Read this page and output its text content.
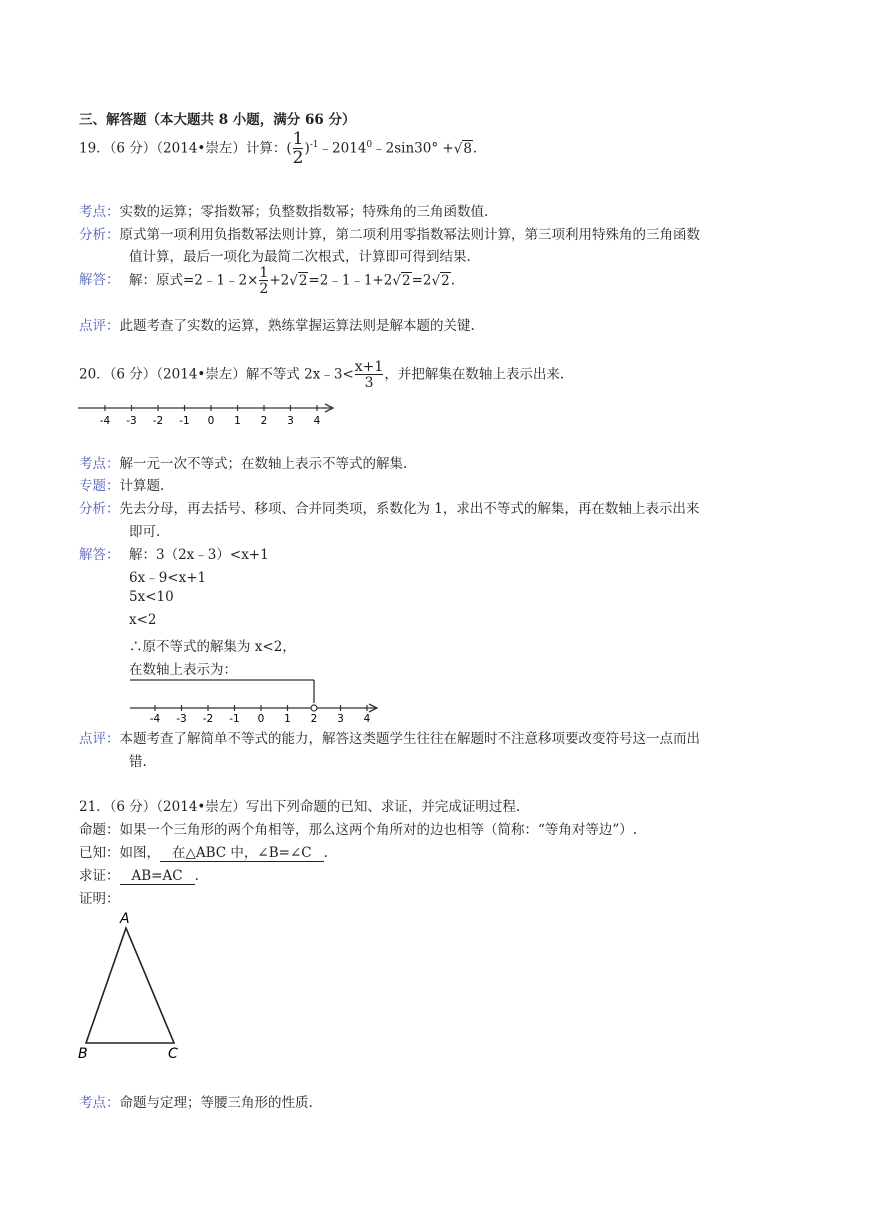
三、解答题（本大题共 8 小题，满分 66 分）
19．（6 分）（2014•崇左）计算：( $\frac{1}{2}$ )$^{-1}﹣2014^0﹣2\sin 30^\circ +√8$.
考点：实数的运算；零指数幂；负整数指数幂；特殊角的三角函数值.
分析：原式第一项利用负指数幂法则计算，第二项利用零指数幂法则计算，第三项利用特殊角的三角函数
值计算，最后一项化为最简二次根式，计算即可得到结果.
解答： 解：原式=2﹣1﹣2× $\frac{1}{2}$ +2√2=2﹣1﹣1+2√2=2√2.
点评：此题考查了实数的运算，熟练掌握运算法则是解本题的关键.
20．（6 分）（2014•崇左）解不等式 2x﹣3< $\frac{x+1}{3}$ ，并把解集在数轴上表示出来.
-4 -3 -2 -1 0 1 2 3 4
考点：解一元一次不等式；在数轴上表示不等式的解集.
专题：计算题.
分析：先去分母，再去括号、移项、合并同类项，系数化为 1，求出不等式的解集，再在数轴上表示出来
即可.
解答： 解：3（2x﹣3）<x+1
6x﹣9<x+1
5x<10
x<2
∴原不等式的解集为 x<2，
在数轴上表示为：
-4 -3 -2 -1 0 1 2 3 4
点评：本题考查了解简单不等式的能力，解答这类题学生往往在解题时不注意移项要改变符号这一点而出
错.
21．（6 分）（2014•崇左）写出下列命题的已知、求证，并完成证明过程.
命题：如果一个三角形的两个角相等，那么这两个角所对的边也相等（简称：“等角对等边”）.
已知：如图， 在△ABC 中，∠B=∠C .
求证： AB=AC .
证明：
A
B	C
考点：命题与定理；等腰三角形的性质.
